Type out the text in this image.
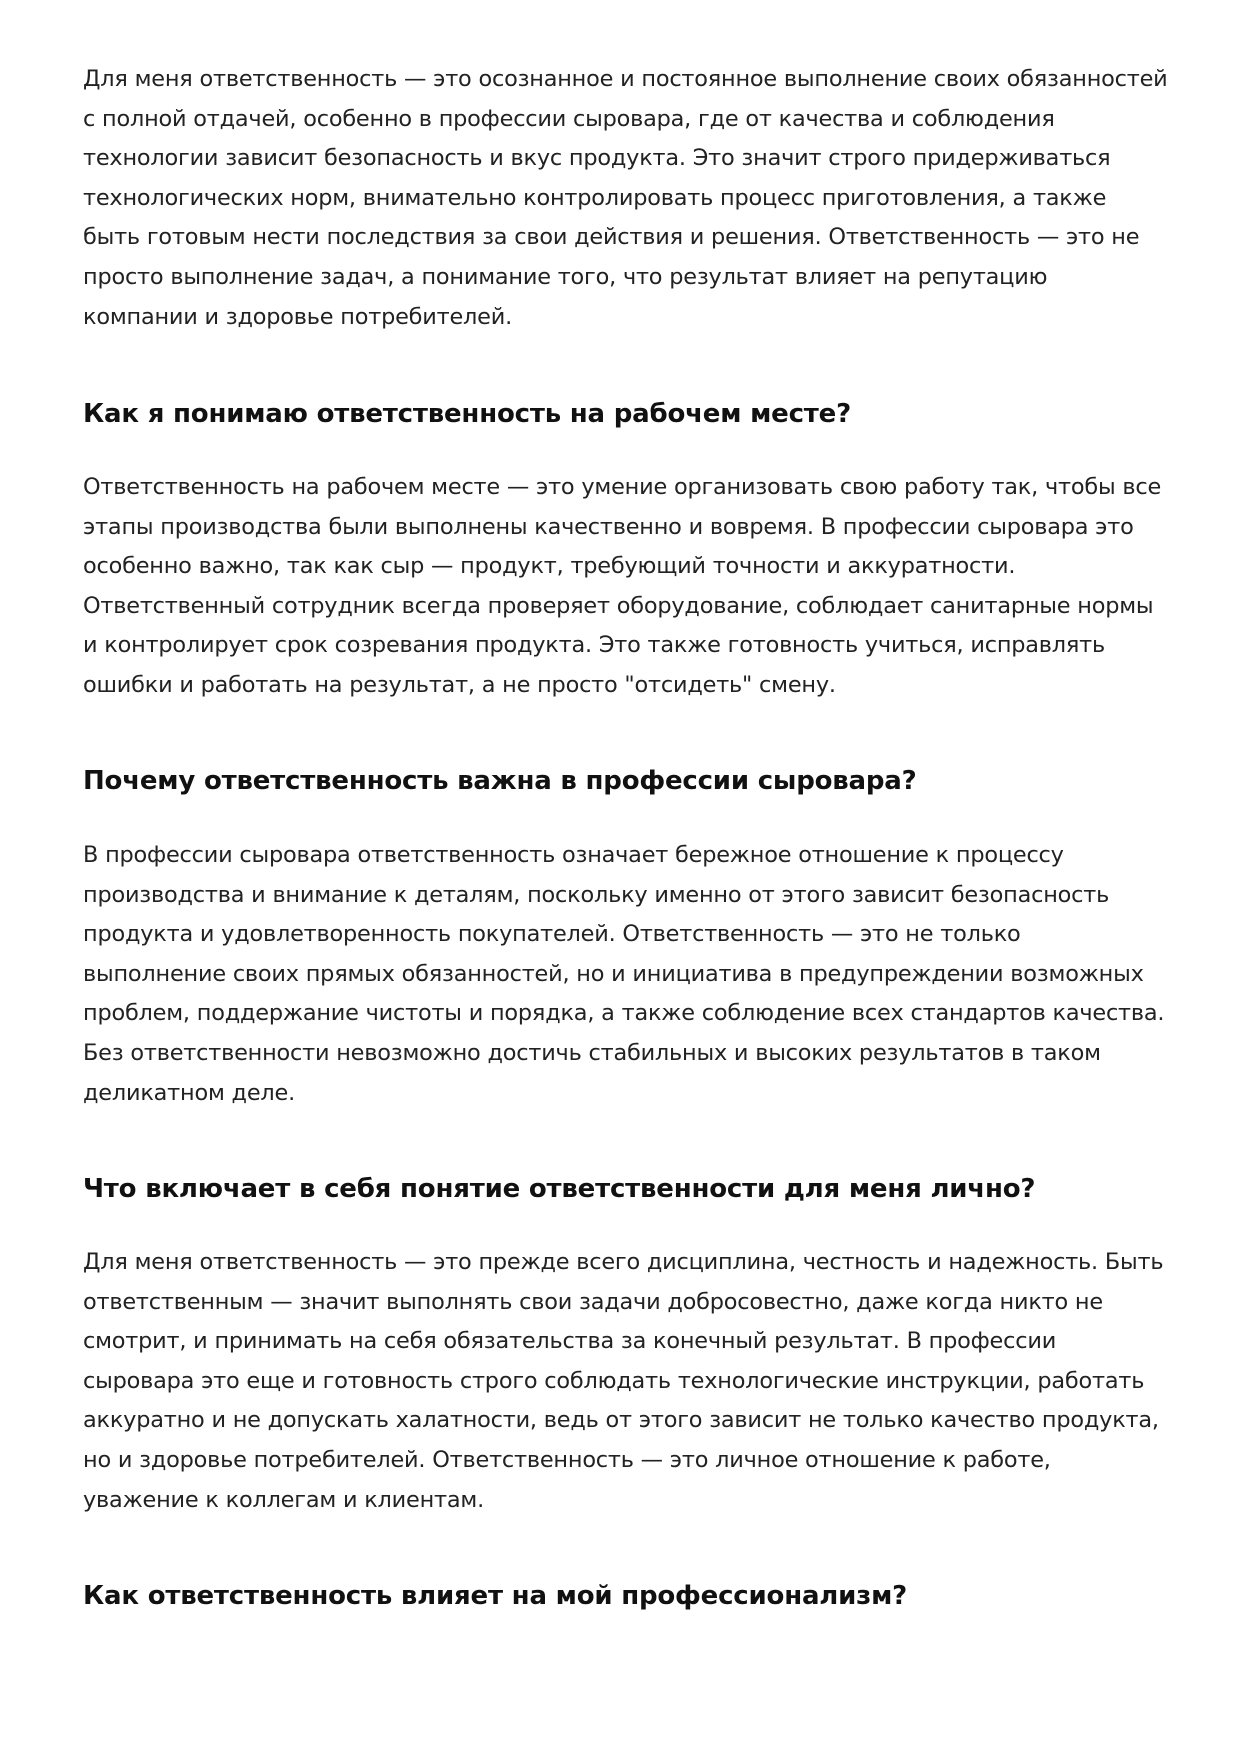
Для меня ответственность — это осознанное и постоянное выполнение своих обязанностей с полной отдачей, особенно в профессии сыровара, где от качества и соблюдения технологии зависит безопасность и вкус продукта. Это значит строго придерживаться технологических норм, внимательно контролировать процесс приготовления, а также быть готовым нести последствия за свои действия и решения. Ответственность — это не просто выполнение задач, а понимание того, что результат влияет на репутацию компании и здоровье потребителей.

Как я понимаю ответственность на рабочем месте?

Ответственность на рабочем месте — это умение организовать свою работу так, чтобы все этапы производства были выполнены качественно и вовремя. В профессии сыровара это особенно важно, так как сыр — продукт, требующий точности и аккуратности. Ответственный сотрудник всегда проверяет оборудование, соблюдает санитарные нормы и контролирует срок созревания продукта. Это также готовность учиться, исправлять ошибки и работать на результат, а не просто "отсидеть" смену.

Почему ответственность важна в профессии сыровара?

В профессии сыровара ответственность означает бережное отношение к процессу производства и внимание к деталям, поскольку именно от этого зависит безопасность продукта и удовлетворенность покупателей. Ответственность — это не только выполнение своих прямых обязанностей, но и инициатива в предупреждении возможных проблем, поддержание чистоты и порядка, а также соблюдение всех стандартов качества. Без ответственности невозможно достичь стабильных и высоких результатов в таком деликатном деле.

Что включает в себя понятие ответственности для меня лично?

Для меня ответственность — это прежде всего дисциплина, честность и надежность. Быть ответственным — значит выполнять свои задачи добросовестно, даже когда никто не смотрит, и принимать на себя обязательства за конечный результат. В профессии сыровара это еще и готовность строго соблюдать технологические инструкции, работать аккуратно и не допускать халатности, ведь от этого зависит не только качество продукта, но и здоровье потребителей. Ответственность — это личное отношение к работе, уважение к коллегам и клиентам.

Как ответственность влияет на мой профессионализм?
